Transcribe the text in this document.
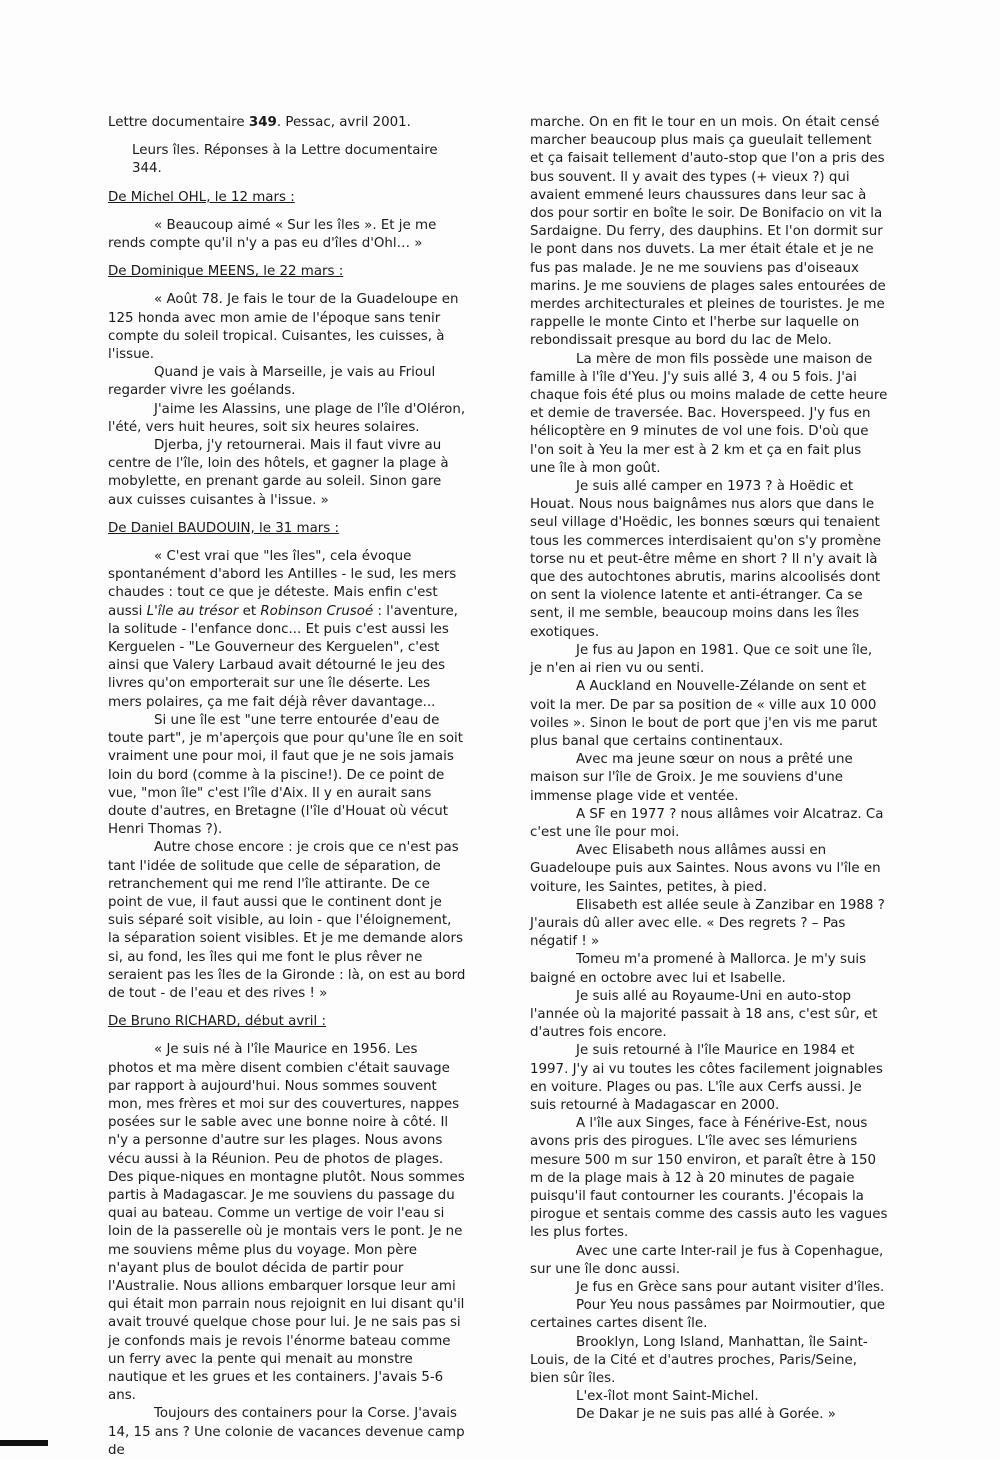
Lettre documentaire 349. Pessac, avril 2001.

Leurs îles. Réponses à la Lettre documentaire 344.

De Michel OHL, le 12 mars :

« Beaucoup aimé « Sur les îles ». Et je me rends compte qu'il n'y a pas eu d'îles d'Ohl… »

De Dominique MEENS, le 22 mars :

« Août 78. Je fais le tour de la Guadeloupe en 125 honda avec mon amie de l'époque sans tenir compte du soleil tropical. Cuisantes, les cuisses, à l'issue.

Quand je vais à Marseille, je vais au Frioul regarder vivre les goélands.

J'aime les Alassins, une plage de l'île d'Oléron, l'été, vers huit heures, soit six heures solaires.

Djerba, j'y retournerai. Mais il faut vivre au centre de l'île, loin des hôtels, et gagner la plage à mobylette, en prenant garde au soleil. Sinon gare aux cuisses cuisantes à l'issue. »

De Daniel BAUDOUIN, le 31 mars :

« C'est vrai que "les îles", cela évoque spontanément d'abord les Antilles - le sud, les mers chaudes : tout ce que je déteste. Mais enfin c'est aussi L'île au trésor et Robinson Crusoé : l'aventure, la solitude - l'enfance donc... Et puis c'est aussi les Kerguelen - "Le Gouverneur des Kerguelen", c'est ainsi que Valery Larbaud avait détourné le jeu des livres qu'on emporterait sur une île déserte. Les mers polaires, ça me fait déjà rêver davantage...

Si une île est "une terre entourée d'eau de toute part", je m'aperçois que pour qu'une île en soit vraiment une pour moi, il faut que je ne sois jamais loin du bord (comme à la piscine!). De ce point de vue, "mon île" c'est l'île d'Aix. Il y en aurait sans doute d'autres, en Bretagne (l'île d'Houat où vécut Henri Thomas ?).

Autre chose encore : je crois que ce n'est pas tant l'idée de solitude que celle de séparation, de retranchement qui me rend l'île attirante. De ce point de vue, il faut aussi que le continent dont je suis séparé soit visible, au loin - que l'éloignement, la séparation soient visibles. Et je me demande alors si, au fond, les îles qui me font le plus rêver ne seraient pas les îles de la Gironde : là, on est au bord de tout - de l'eau et des rives ! »

De Bruno RICHARD, début avril :

« Je suis né à l'île Maurice en 1956. Les photos et ma mère disent combien c'était sauvage par rapport à aujourd'hui. Nous sommes souvent mon, mes frères et moi sur des couvertures, nappes posées sur le sable avec une bonne noire à côté. Il n'y a personne d'autre sur les plages. Nous avons vécu aussi à la Réunion. Peu de photos de plages. Des pique-niques en montagne plutôt. Nous sommes partis à Madagascar. Je me souviens du passage du quai au bateau. Comme un vertige de voir l'eau si loin de la passerelle où je montais vers le pont. Je ne me souviens même plus du voyage. Mon père n'ayant plus de boulot décida de partir pour l'Australie. Nous allions embarquer lorsque leur ami qui était mon parrain nous rejoignit en lui disant qu'il avait trouvé quelque chose pour lui. Je ne sais pas si je confonds mais je revois l'énorme bateau comme un ferry avec la pente qui menait au monstre nautique et les grues et les containers. J'avais 5-6 ans.

Toujours des containers pour la Corse. J'avais 14, 15 ans ? Une colonie de vacances devenue camp de

marche. On en fit le tour en un mois. On était censé marcher beaucoup plus mais ça gueulait tellement et ça faisait tellement d'auto-stop que l'on a pris des bus souvent. Il y avait des types (+ vieux ?) qui avaient emmené leurs chaussures dans leur sac à dos pour sortir en boîte le soir. De Bonifacio on vit la Sardaigne. Du ferry, des dauphins. Et l'on dormit sur le pont dans nos duvets. La mer était étale et je ne fus pas malade. Je ne me souviens pas d'oiseaux marins. Je me souviens de plages sales entourées de merdes architecturales et pleines de touristes. Je me rappelle le monte Cinto et l'herbe sur laquelle on rebondissait presque au bord du lac de Melo.

La mère de mon fils possède une maison de famille à l'île d'Yeu. J'y suis allé 3, 4 ou 5 fois. J'ai chaque fois été plus ou moins malade de cette heure et demie de traversée. Bac. Hoverspeed. J'y fus en hélicoptère en 9 minutes de vol une fois. D'où que l'on soit à Yeu la mer est à 2 km et ça en fait plus une île à mon goût.

Je suis allé camper en 1973 ? à Hoëdic et Houat. Nous nous baignâmes nus alors que dans le seul village d'Hoëdic, les bonnes sœurs qui tenaient tous les commerces interdisaient qu'on s'y promène torse nu et peut-être même en short ? Il n'y avait là que des autochtones abrutis, marins alcoolisés dont on sent la violence latente et anti-étranger. Ca se sent, il me semble, beaucoup moins dans les îles exotiques.

Je fus au Japon en 1981. Que ce soit une île, je n'en ai rien vu ou senti.

A Auckland en Nouvelle-Zélande on sent et voit la mer. De par sa position de « ville aux 10 000 voiles ». Sinon le bout de port que j'en vis me parut plus banal que certains continentaux.

Avec ma jeune sœur on nous a prêté une maison sur l'île de Groix. Je me souviens d'une immense plage vide et ventée.

A SF en 1977 ? nous allâmes voir Alcatraz. Ca c'est une île pour moi.

Avec Elisabeth nous allâmes aussi en Guadeloupe puis aux Saintes. Nous avons vu l'île en voiture, les Saintes, petites, à pied.

Elisabeth est allée seule à Zanzibar en 1988 ? J'aurais dû aller avec elle. « Des regrets ? – Pas négatif ! »

Tomeu m'a promené à Mallorca. Je m'y suis baigné en octobre avec lui et Isabelle.

Je suis allé au Royaume-Uni en auto-stop l'année où la majorité passait à 18 ans, c'est sûr, et d'autres fois encore.

Je suis retourné à l'île Maurice en 1984 et 1997. J'y ai vu toutes les côtes facilement joignables en voiture. Plages ou pas. L'île aux Cerfs aussi. Je suis retourné à Madagascar en 2000.

A l'île aux Singes, face à Fénérive-Est, nous avons pris des pirogues. L'île avec ses lémuriens mesure 500 m sur 150 environ, et paraît être à 150 m de la plage mais à 12 à 20 minutes de pagaie puisqu'il faut contourner les courants. J'écopais la pirogue et sentais comme des cassis auto les vagues les plus fortes.

Avec une carte Inter-rail je fus à Copenhague, sur une île donc aussi.

Je fus en Grèce sans pour autant visiter d'îles.

Pour Yeu nous passâmes par Noirmoutier, que certaines cartes disent île.

Brooklyn, Long Island, Manhattan, île Saint-Louis, de la Cité et d'autres proches, Paris/Seine, bien sûr îles.

L'ex-îlot mont Saint-Michel.

De Dakar je ne suis pas allé à Gorée. »
